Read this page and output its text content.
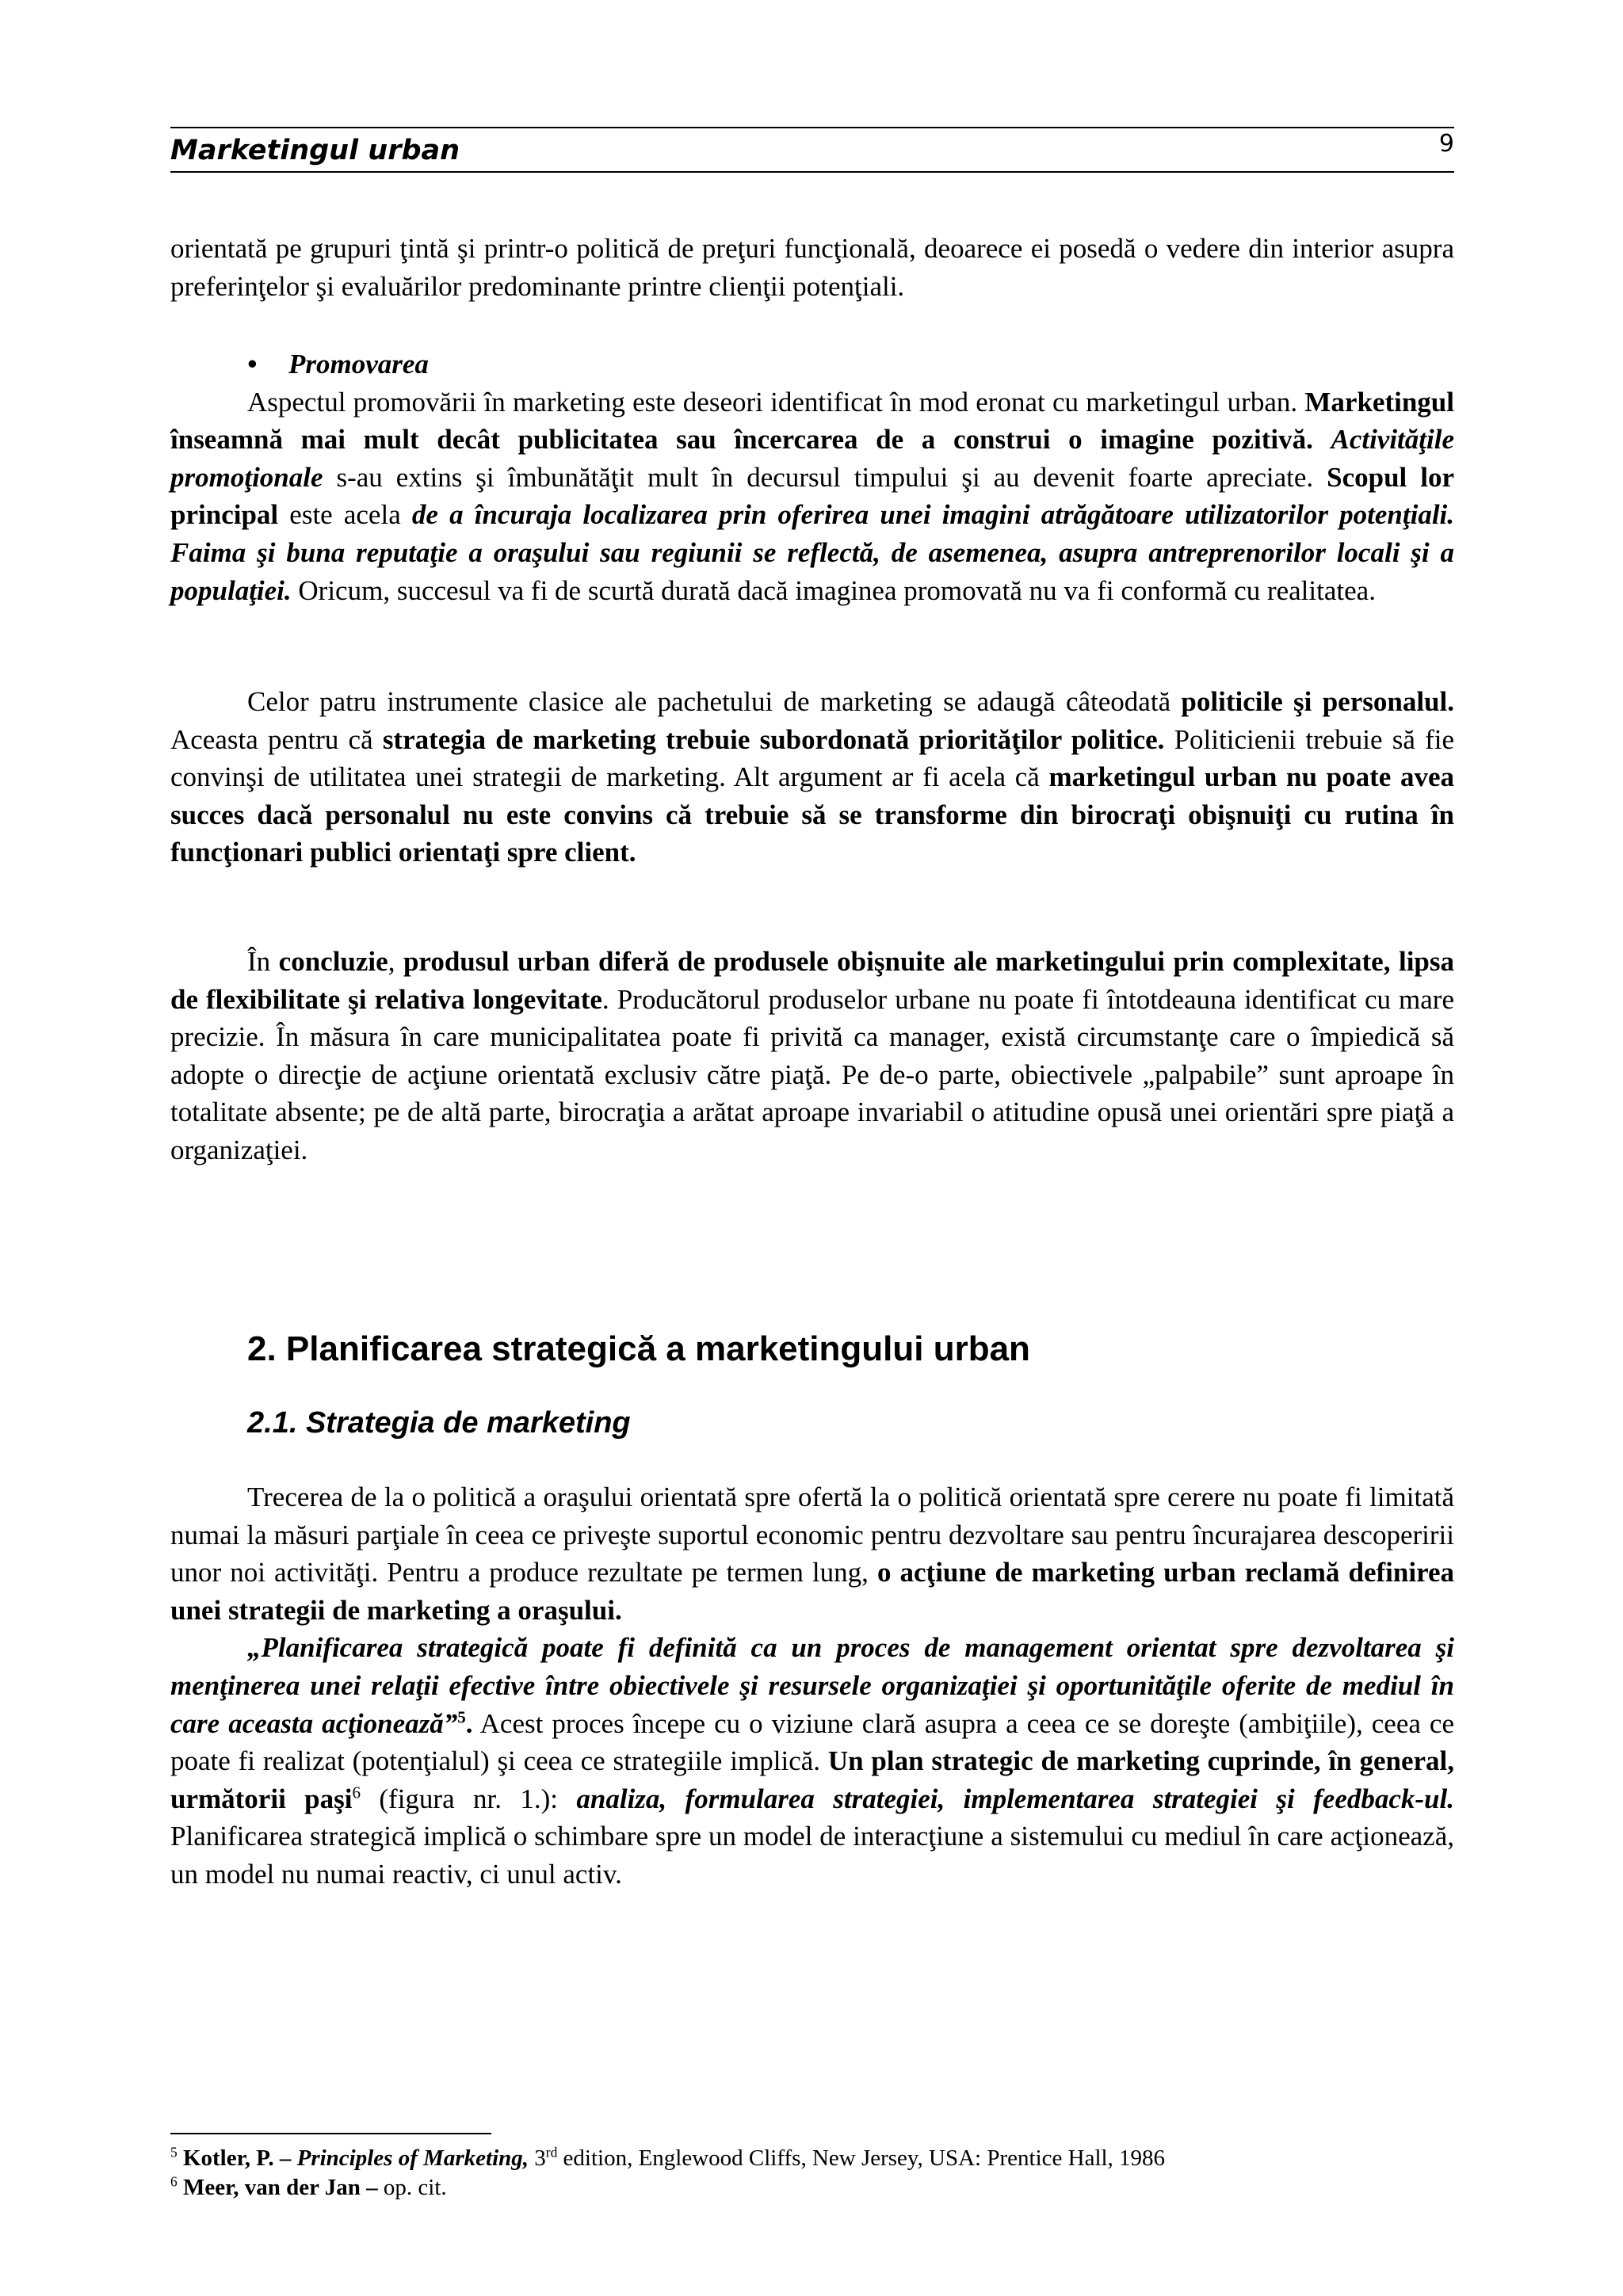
Marketingul urban	9

orientată pe grupuri ţintă şi printr-o politică de preţuri funcţională, deoarece ei posedă o vedere din interior asupra preferinţelor şi evaluărilor predominante printre clienţii potenţiali.

• Promovarea

Aspectul promovării în marketing este deseori identificat în mod eronat cu marketingul urban. Marketingul înseamnă mai mult decât publicitatea sau încercarea de a construi o imagine pozitivă. Activităţile promoţionale s-au extins şi îmbunătăţit mult în decursul timpului şi au devenit foarte apreciate. Scopul lor principal este acela de a încuraja localizarea prin oferirea unei imagini atrăgătoare utilizatorilor potenţiali. Faima şi buna reputaţie a oraşului sau regiunii se reflectă, de asemenea, asupra antreprenorilor locali şi a populaţiei. Oricum, succesul va fi de scurtă durată dacă imaginea promovată nu va fi conformă cu realitatea.

Celor patru instrumente clasice ale pachetului de marketing se adaugă câteodată politicile şi personalul. Aceasta pentru că strategia de marketing trebuie subordonată priorităţilor politice. Politicienii trebuie să fie convinşi de utilitatea unei strategii de marketing. Alt argument ar fi acela că marketingul urban nu poate avea succes dacă personalul nu este convins că trebuie să se transforme din birocraţi obişnuiţi cu rutina în funcţionari publici orientaţi spre client.

În concluzie, produsul urban diferă de produsele obişnuite ale marketingului prin complexitate, lipsa de flexibilitate şi relativa longevitate. Producătorul produselor urbane nu poate fi întotdeauna identificat cu mare precizie. În măsura în care municipalitatea poate fi privită ca manager, există circumstanţe care o împiedică să adopte o direcţie de acţiune orientată exclusiv către piaţă. Pe de-o parte, obiectivele „palpabile” sunt aproape în totalitate absente; pe de altă parte, birocraţia a arătat aproape invariabil o atitudine opusă unei orientări spre piaţă a organizaţiei.

2. Planificarea strategică a marketingului urban
2.1. Strategia de marketing

Trecerea de la o politică a oraşului orientată spre ofertă la o politică orientată spre cerere nu poate fi limitată numai la măsuri parţiale în ceea ce priveşte suportul economic pentru dezvoltare sau pentru încurajarea descoperirii unor noi activităţi. Pentru a produce rezultate pe termen lung, o acţiune de marketing urban reclamă definirea unei strategii de marketing a oraşului.

„Planificarea strategică poate fi definită ca un proces de management orientat spre dezvoltarea şi menţinerea unei relaţii efective între obiectivele şi resursele organizaţiei şi oportunităţile oferite de mediul în care aceasta acţionează”$^5$. Acest proces începe cu o viziune clară asupra a ceea ce se doreşte (ambiţiile), ceea ce poate fi realizat (potenţialul) şi ceea ce strategiile implică. Un plan strategic de marketing cuprinde, în general, următorii paşi$^6$ (figura nr. 1.): analiza, formularea strategiei, implementarea strategiei şi feedback-ul. Planificarea strategică implică o schimbare spre un model de interacţiune a sistemului cu mediul în care acţionează, un model nu numai reactiv, ci unul activ.

$^5$ Kotler, P. – Principles of Marketing, 3rd edition, Englewood Cliffs, New Jersey, USA: Prentice Hall, 1986

$^6$ Meer, van der Jan – op. cit.
